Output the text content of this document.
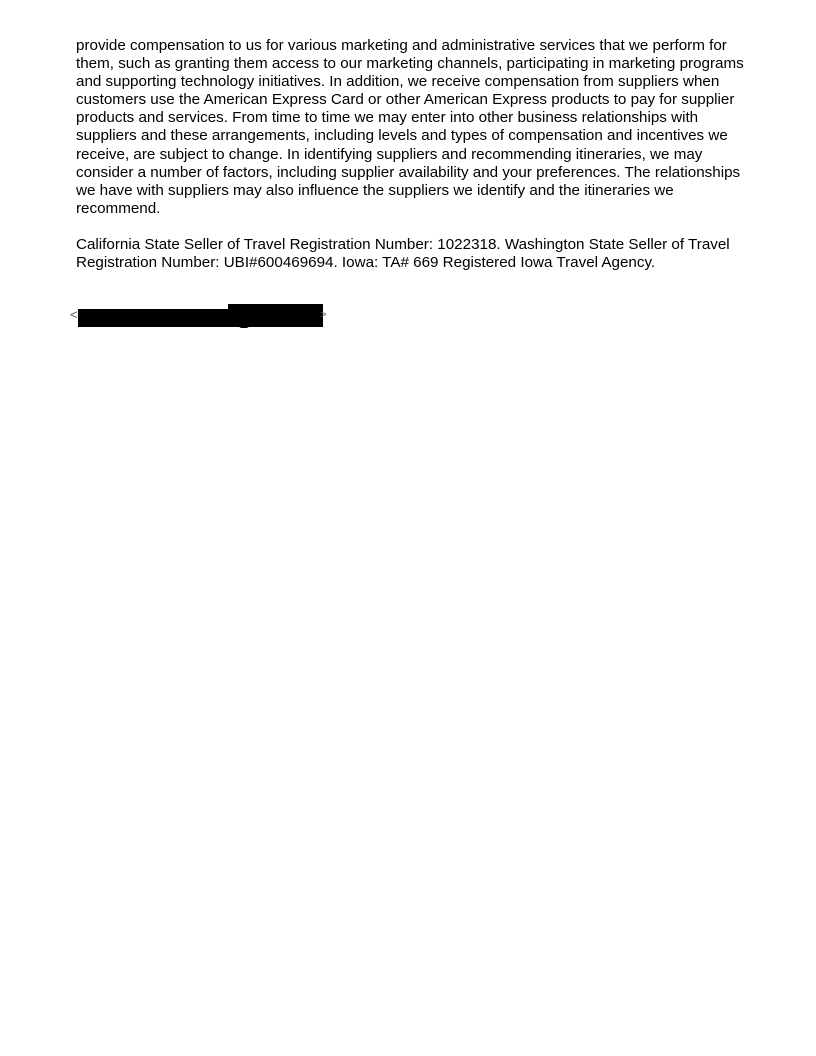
provide compensation to us for various marketing and administrative services that we perform for them, such as granting them access to our marketing channels, participating in marketing programs and supporting technology initiatives. In addition, we receive compensation from suppliers when customers use the American Express Card or other American Express products to pay for supplier products and services. From time to time we may enter into other business relationships with suppliers and these arrangements, including levels and types of compensation and incentives we receive, are subject to change. In identifying suppliers and recommending itineraries, we may consider a number of factors, including supplier availability and your preferences. The relationships we have with suppliers may also influence the suppliers we identify and the itineraries we recommend.

California State Seller of Travel Registration Number: 1022318. Washington State Seller of Travel Registration Number: UBI#600469694. Iowa: TA# 669 Registered Iowa Travel Agency.

<	>
